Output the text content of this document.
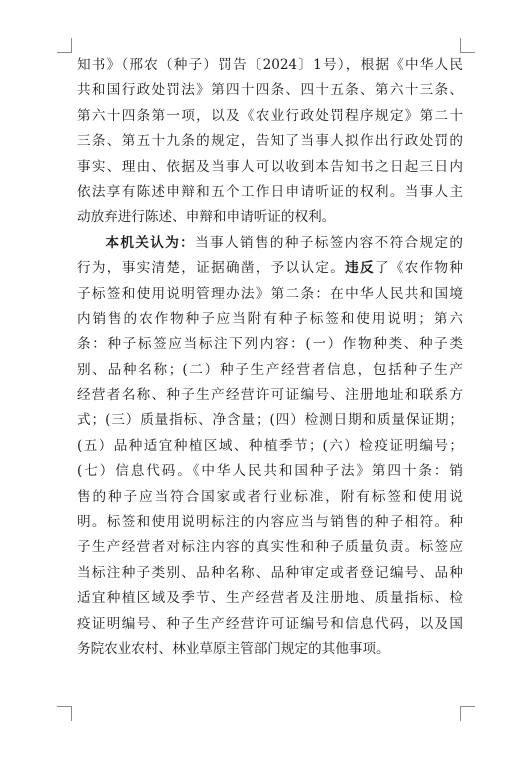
知书》（邢农（种子）罚告〔2024〕1号），根据《中华人民
共和国行政处罚法》第四十四条、四十五条、第六十三条、
第六十四条第一项，以及《农业行政处罚程序规定》第二十
三条、第五十九条的规定，告知了当事人拟作出行政处罚的
事实、理由、依据及当事人可以收到本告知书之日起三日内
依法享有陈述申辩和五个工作日申请听证的权利。当事人主
动放弃进行陈述、申辩和申请听证的权利。
本机关认为：当事人销售的种子标签内容不符合规定的
行为，事实清楚，证据确凿，予以认定。违反了《农作物种
子标签和使用说明管理办法》第二条：在中华人民共和国境
内销售的农作物种子应当附有种子标签和使用说明；第六
条：种子标签应当标注下列内容：(一）作物种类、种子类
别、品种名称；(二）种子生产经营者信息，包括种子生产
经营者名称、种子生产经营许可证编号、注册地址和联系方
式；(三）质量指标、净含量；(四）检测日期和质量保证期；
(五）品种适宜种植区域、种植季节；(六）检疫证明编号；
(七）信息代码。《中华人民共和国种子法》第四十条：销
售的种子应当符合国家或者行业标准，附有标签和使用说
明。标签和使用说明标注的内容应当与销售的种子相符。种
子生产经营者对标注内容的真实性和种子质量负责。标签应
当标注种子类别、品种名称、品种审定或者登记编号、品种
适宜种植区域及季节、生产经营者及注册地、质量指标、检
疫证明编号、种子生产经营许可证编号和信息代码，以及国
务院农业农村、林业草原主管部门规定的其他事项。
